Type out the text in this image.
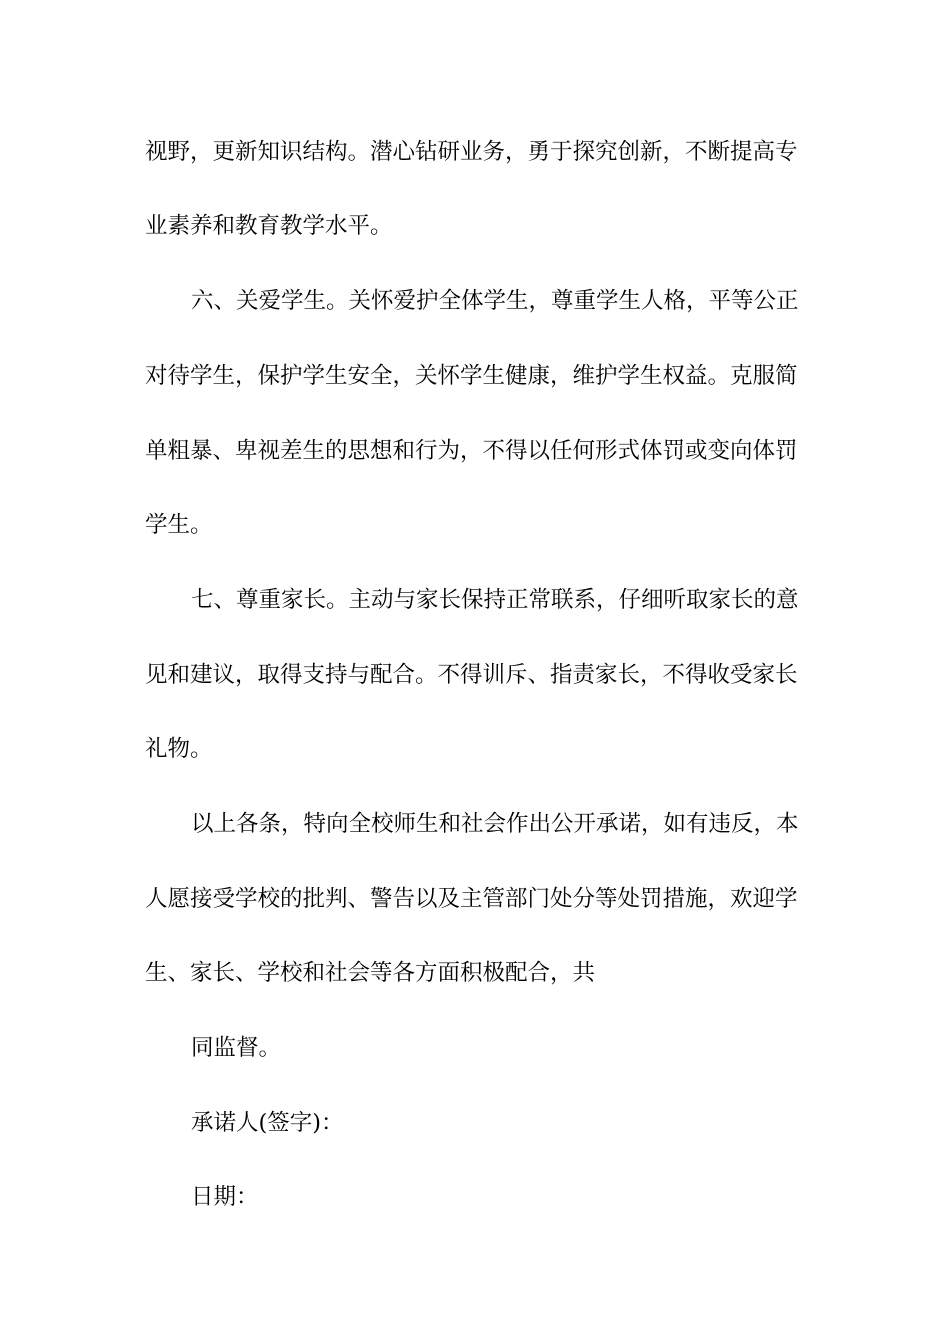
视野，更新知识结构。潜心钻研业务，勇于探究创新，不断提高专
业素养和教育教学水平。
六、关爱学生。关怀爱护全体学生，尊重学生人格，平等公正
对待学生，保护学生安全，关怀学生健康，维护学生权益。克服简
单粗暴、卑视差生的思想和行为，不得以任何形式体罚或变向体罚
学生。
七、尊重家长。主动与家长保持正常联系，仔细听取家长的意
见和建议，取得支持与配合。不得训斥、指责家长，不得收受家长
礼物。
以上各条，特向全校师生和社会作出公开承诺，如有违反，本
人愿接受学校的批判、警告以及主管部门处分等处罚措施，欢迎学
生、家长、学校和社会等各方面积极配合，共
同监督。
承诺人(签字)：
日期：
